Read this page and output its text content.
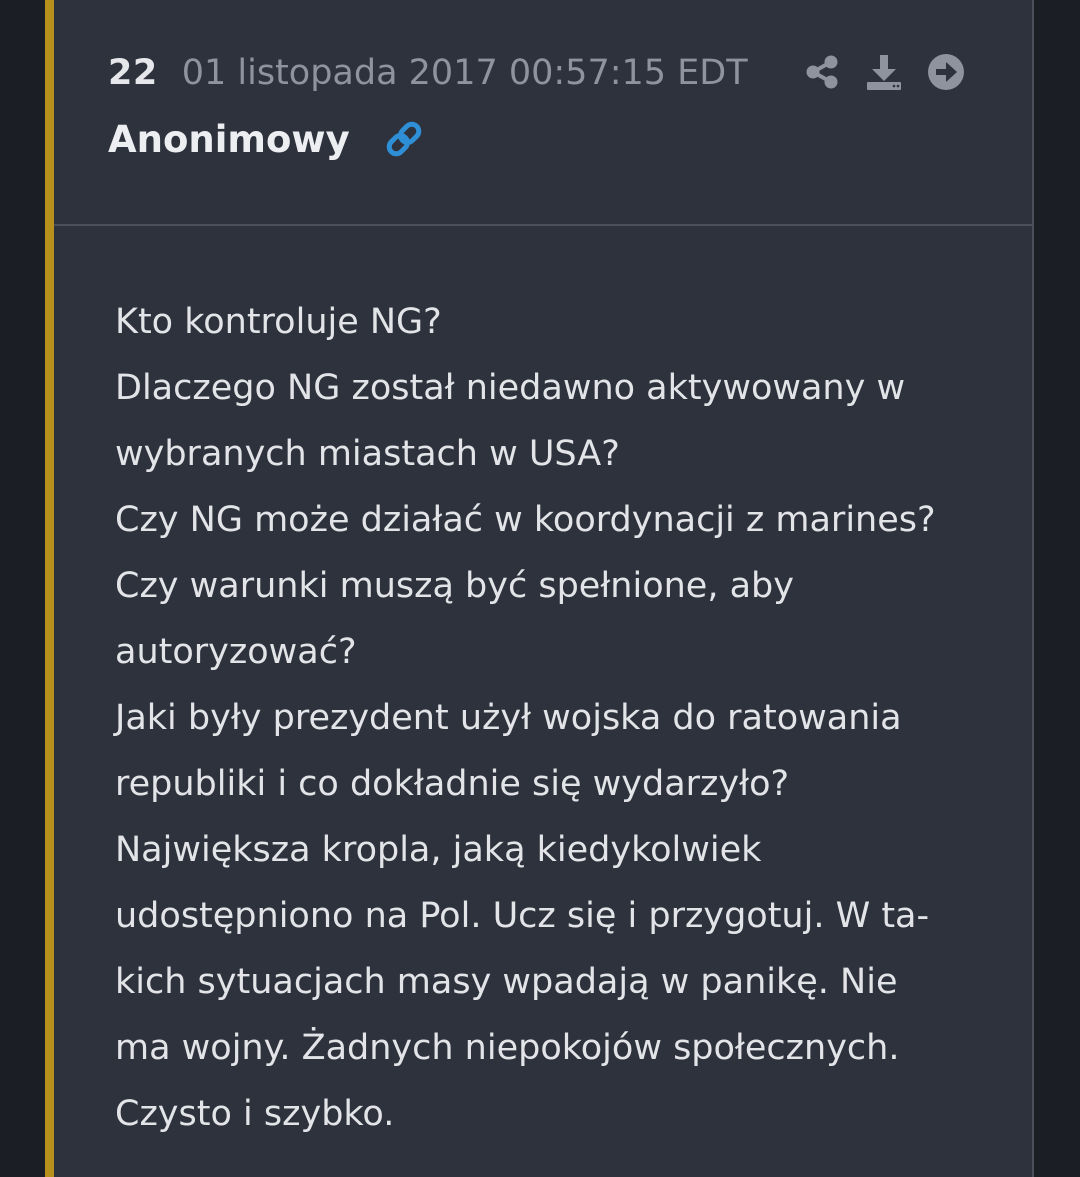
22 01 listopada 2017 00:57:15 EDT
Anonimowy
Kto kontroluje NG?
Dlaczego NG został niedawno aktywowany w
wybranych miastach w USA?
Czy NG może działać w koordynacji z marines?
Czy warunki muszą być spełnione, aby
autoryzować?
Jaki były prezydent użył wojska do ratowania
republiki i co dokładnie się wydarzyło?
Największa kropla, jaką kiedykolwiek
udostępniono na Pol. Ucz się i przygotuj. W ta-
kich sytuacjach masy wpadają w panikę. Nie
ma wojny. Żadnych niepokojów społecznych.
Czysto i szybko.
